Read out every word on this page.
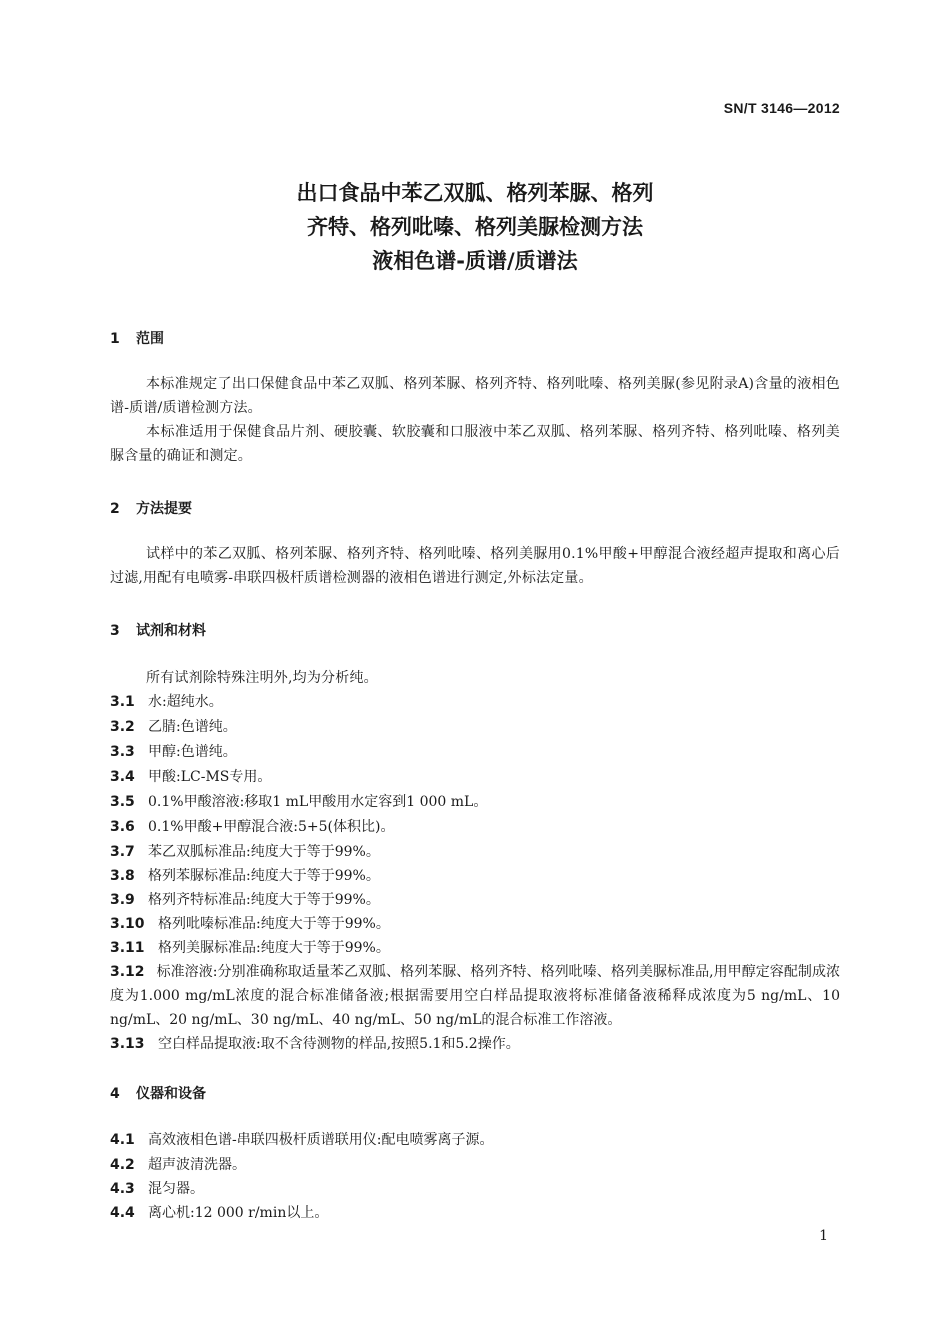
SN/T 3146—2012
出口食品中苯乙双胍、格列苯脲、格列
齐特、格列吡嗪、格列美脲检测方法
液相色谱-质谱/质谱法
1 范围
本标准规定了出口保健食品中苯乙双胍、格列苯脲、格列齐特、格列吡嗪、格列美脲(参见附录A)含量的液相色谱-质谱/质谱检测方法。
本标准适用于保健食品片剂、硬胶囊、软胶囊和口服液中苯乙双胍、格列苯脲、格列齐特、格列吡嗪、格列美脲含量的确证和测定。
2 方法提要
试样中的苯乙双胍、格列苯脲、格列齐特、格列吡嗪、格列美脲用0.1%甲酸+甲醇混合液经超声提取和离心后过滤,用配有电喷雾-串联四极杆质谱检测器的液相色谱进行测定,外标法定量。
3 试剂和材料
所有试剂除特殊注明外,均为分析纯。
3.1 水:超纯水。
3.2 乙腈:色谱纯。
3.3 甲醇:色谱纯。
3.4 甲酸:LC-MS专用。
3.5 0.1%甲酸溶液:移取1 mL甲酸用水定容到1 000 mL。
3.6 0.1%甲酸+甲醇混合液:5+5(体积比)。
3.7 苯乙双胍标准品:纯度大于等于99%。
3.8 格列苯脲标准品:纯度大于等于99%。
3.9 格列齐特标准品:纯度大于等于99%。
3.10 格列吡嗪标准品:纯度大于等于99%。
3.11 格列美脲标准品:纯度大于等于99%。
3.12 标准溶液:分别准确称取适量苯乙双胍、格列苯脲、格列齐特、格列吡嗪、格列美脲标准品,用甲醇定容配制成浓度为1.000 mg/mL浓度的混合标准储备液;根据需要用空白样品提取液将标准储备液稀释成浓度为5 ng/mL、10 ng/mL、20 ng/mL、30 ng/mL、40 ng/mL、50 ng/mL的混合标准工作溶液。
3.13 空白样品提取液:取不含待测物的样品,按照5.1和5.2操作。
4 仪器和设备
4.1 高效液相色谱-串联四极杆质谱联用仪:配电喷雾离子源。
4.2 超声波清洗器。
4.3 混匀器。
4.4 离心机:12 000 r/min以上。
1
